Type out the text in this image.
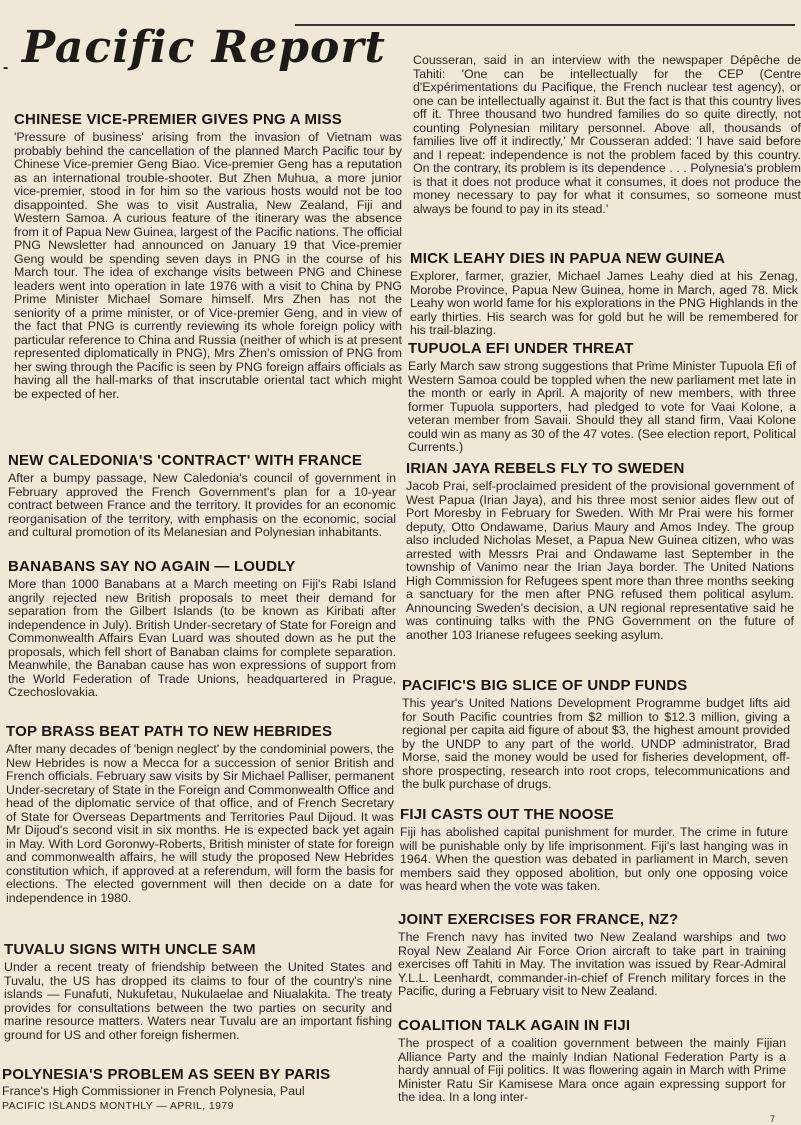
- Pacific Report
CHINESE VICE-PREMIER GIVES PNG A MISS

'Pressure of business' arising from the invasion of Vietnam was probably behind the cancellation of the planned March Pacific tour by Chinese Vice-premier Geng Biao. Vice-premier Geng has a reputation as an international trouble-shooter. But Zhen Muhua, a more junior vice-premier, stood in for him so the various hosts would not be too disappointed. She was to visit Australia, New Zealand, Fiji and Western Samoa. A curious feature of the itinerary was the absence from it of Papua New Guinea, largest of the Pacific nations. The official PNG Newsletter had announced on January 19 that Vice-premier Geng would be spending seven days in PNG in the course of his March tour. The idea of exchange visits between PNG and Chinese leaders went into operation in late 1976 with a visit to China by PNG Prime Minister Michael Somare himself. Mrs Zhen has not the seniority of a prime minister, or of Vice-premier Geng, and in view of the fact that PNG is currently reviewing its whole foreign policy with particular reference to China and Russia (neither of which is at present represented diplomatically in PNG), Mrs Zhen's omission of PNG from her swing through the Pacific is seen by PNG foreign affairs officials as having all the hall-marks of that inscrutable oriental tact which might be expected of her.

NEW CALEDONIA'S 'CONTRACT' WITH FRANCE

After a bumpy passage, New Caledonia's council of government in February approved the French Government's plan for a 10-year contract between France and the territory. It provides for an economic reorganisation of the territory, with emphasis on the economic, social and cultural promotion of its Melanesian and Polynesian inhabitants.

BANABANS SAY NO AGAIN — LOUDLY

More than 1000 Banabans at a March meeting on Fiji's Rabi Island angrily rejected new British proposals to meet their demand for separation from the Gilbert Islands (to be known as Kiribati after independence in July). British Under-secretary of State for Foreign and Commonwealth Affairs Evan Luard was shouted down as he put the proposals, which fell short of Banaban claims for complete separation. Meanwhile, the Banaban cause has won expressions of support from the World Federation of Trade Unions, headquartered in Prague, Czechoslovakia.

TOP BRASS BEAT PATH TO NEW HEBRIDES

After many decades of 'benign neglect' by the condominial powers, the New Hebrides is now a Mecca for a succession of senior British and French officials. February saw visits by Sir Michael Palliser, permanent Under-secretary of State in the Foreign and Commonwealth Office and head of the diplomatic service of that office, and of French Secretary of State for Overseas Departments and Territories Paul Dijoud. It was Mr Dijoud's second visit in six months. He is expected back yet again in May. With Lord Goronwy-Roberts, British minister of state for foreign and commonwealth affairs, he will study the proposed New Hebrides constitution which, if approved at a referendum, will form the basis for elections. The elected government will then decide on a date for independence in 1980.

TUVALU SIGNS WITH UNCLE SAM

Under a recent treaty of friendship between the United States and Tuvalu, the US has dropped its claims to four of the country's nine islands — Funafuti, Nukufetau, Nukulaelae and Niualakita. The treaty provides for consultations between the two parties on security and marine resource matters. Waters near Tuvalu are an important fishing ground for US and other foreign fishermen.

POLYNESIA'S PROBLEM AS SEEN BY PARIS

France's High Commissioner in French Polynesia, Paul

PACIFIC ISLANDS MONTHLY — APRIL, 1979

Cousseran, said in an interview with the newspaper Dépêche de Tahiti: 'One can be intellectually for the CEP (Centre d'Expérimentations du Pacifique, the French nuclear test agency), or one can be intellectually against it. But the fact is that this country lives off it. Three thousand two hundred families do so quite directly, not counting Polynesian military personnel. Above all, thousands of families live off it indirectly,' Mr Cousseran added: 'I have said before and I repeat: independence is not the problem faced by this country. On the contrary, its problem is its dependence . . . Polynesia's problem is that it does not produce what it consumes, it does not produce the money necessary to pay for what it consumes, so someone must always be found to pay in its stead.'

MICK LEAHY DIES IN PAPUA NEW GUINEA

Explorer, farmer, grazier, Michael James Leahy died at his Zenag, Morobe Province, Papua New Guinea, home in March, aged 78. Mick Leahy won world fame for his explorations in the PNG Highlands in the early thirties. His search was for gold but he will be remembered for his trail-blazing.

TUPUOLA EFI UNDER THREAT

Early March saw strong suggestions that Prime Minister Tupuola Efi of Western Samoa could be toppled when the new parliament met late in the month or early in April. A majority of new members, with three former Tupuola supporters, had pledged to vote for Vaai Kolone, a veteran member from Savaii. Should they all stand firm, Vaai Kolone could win as many as 30 of the 47 votes. (See election report, Political Currents.)

IRIAN JAYA REBELS FLY TO SWEDEN

Jacob Prai, self-proclaimed president of the provisional government of West Papua (Irian Jaya), and his three most senior aides flew out of Port Moresby in February for Sweden. With Mr Prai were his former deputy, Otto Ondawame, Darius Maury and Amos Indey. The group also included Nicholas Meset, a Papua New Guinea citizen, who was arrested with Messrs Prai and Ondawame last September in the township of Vanimo near the Irian Jaya border. The United Nations High Commission for Refugees spent more than three months seeking a sanctuary for the men after PNG refused them political asylum. Announcing Sweden's decision, a UN regional representative said he was continuing talks with the PNG Government on the future of another 103 Irianese refugees seeking asylum.

PACIFIC'S BIG SLICE OF UNDP FUNDS

This year's United Nations Development Programme budget lifts aid for South Pacific countries from $2 million to $12.3 million, giving a regional per capita aid figure of about $3, the highest amount provided by the UNDP to any part of the world. UNDP administrator, Brad Morse, said the money would be used for fisheries development, off-shore prospecting, research into root crops, telecommunications and the bulk purchase of drugs.

FIJI CASTS OUT THE NOOSE

Fiji has abolished capital punishment for murder. The crime in future will be punishable only by life imprisonment. Fiji's last hanging was in 1964. When the question was debated in parliament in March, seven members said they opposed abolition, but only one opposing voice was heard when the vote was taken.

JOINT EXERCISES FOR FRANCE, NZ?

The French navy has invited two New Zealand warships and two Royal New Zealand Air Force Orion aircraft to take part in training exercises off Tahiti in May. The invitation was issued by Rear-Admiral Y.L.L. Leenhardt, commander-in-chief of French military forces in the Pacific, during a February visit to New Zealand.

COALITION TALK AGAIN IN FIJI

The prospect of a coalition government between the mainly Fijian Alliance Party and the mainly Indian National Federation Party is a hardy annual of Fiji politics. It was flowering again in March with Prime Minister Ratu Sir Kamisese Mara once again expressing support for the idea. In a long inter-

7
